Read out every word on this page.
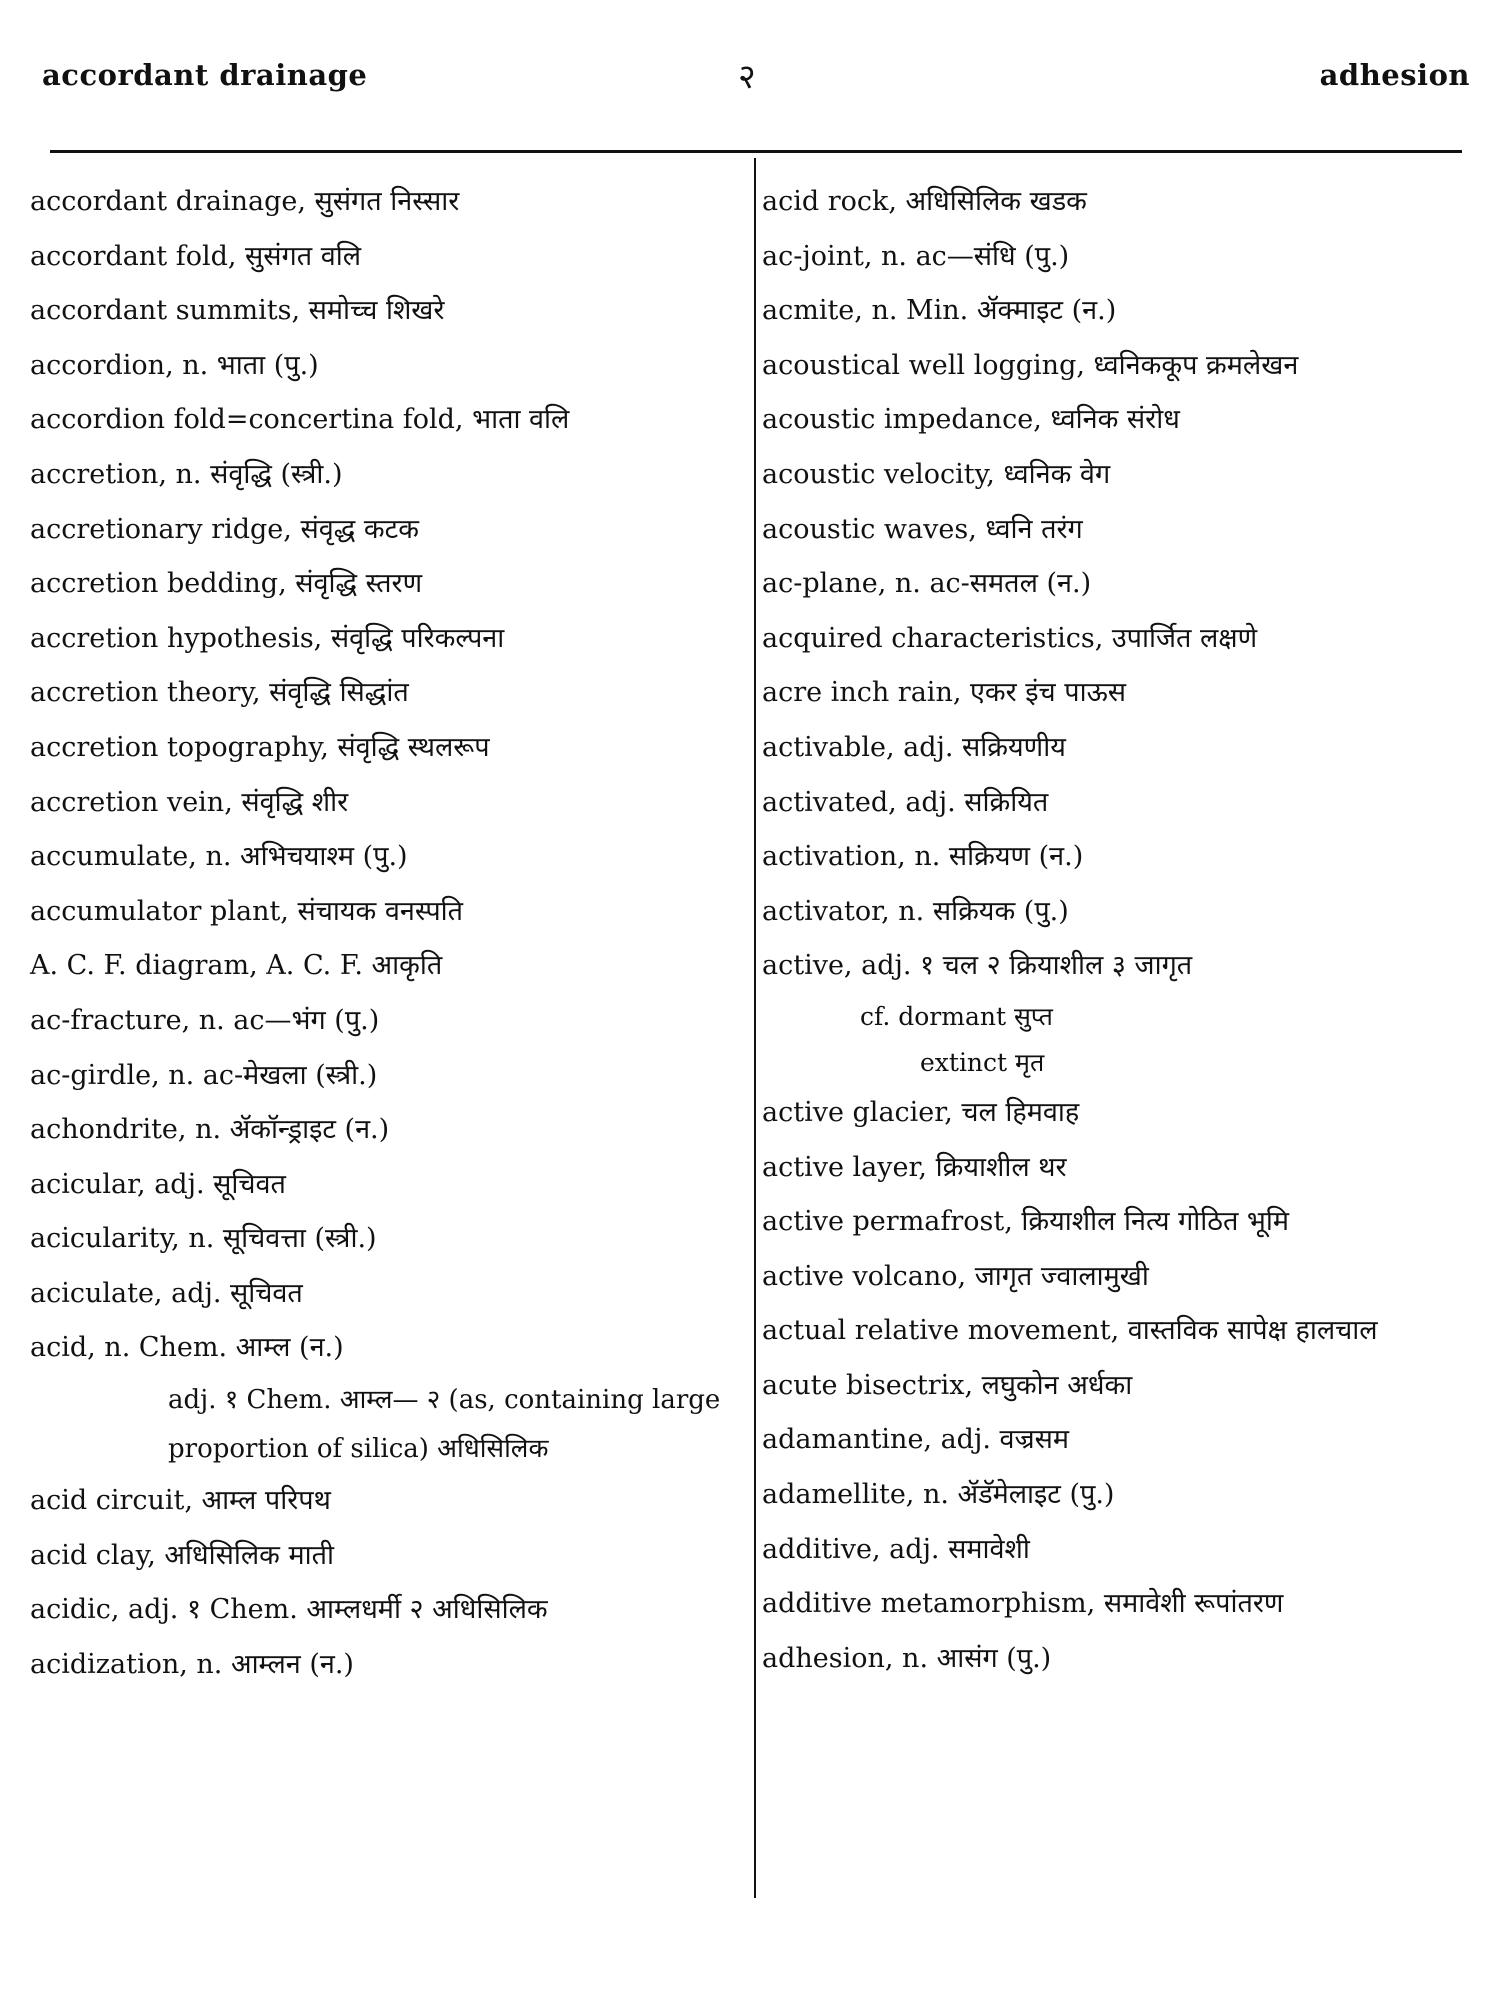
accordant drainage	२	adhesion
accordant drainage, सुसंगत निस्सार
accordant fold, सुसंगत वलि
accordant summits, समोच्च शिखरे
accordion, n. भाता (पु.)
accordion fold=concertina fold, भाता वलि
accretion, n. संवृद्धि (स्त्री.)
accretionary ridge, संवृद्ध कटक
accretion bedding, संवृद्धि स्तरण
accretion hypothesis, संवृद्धि परिकल्पना
accretion theory, संवृद्धि सिद्धांत
accretion topography, संवृद्धि स्थलरूप
accretion vein, संवृद्धि शीर
accumulate, n. अभिचयाश्म (पु.)
accumulator plant, संचायक वनस्पति
A. C. F. diagram, A. C. F. आकृति
ac-fracture, n. ac—भंग (पु.)
ac-girdle, n. ac-मेखला (स्त्री.)
achondrite, n. ॲकॉन्ड्राइट (न.)
acicular, adj. सूचिवत
acicularity, n. सूचिवत्ता (स्त्री.)
aciculate, adj. सूचिवत
acid, n. Chem. आम्ल (न.)
adj. १ Chem. आम्ल— २ (as, containing large proportion of silica) अधिसिलिक
acid circuit, आम्ल परिपथ
acid clay, अधिसिलिक माती
acidic, adj. १ Chem. आम्लधर्मी २ अधिसिलिक
acidization, n. आम्लन (न.)
acid rock, अधिसिलिक खडक
ac-joint, n. ac—संधि (पु.)
acmite, n. Min. ॲक्माइट (न.)
acoustical well logging, ध्वनिककूप क्रमलेखन
acoustic impedance, ध्वनिक संरोध
acoustic velocity, ध्वनिक वेग
acoustic waves, ध्वनि तरंग
ac-plane, n. ac-समतल (न.)
acquired characteristics, उपार्जित लक्षणे
acre inch rain, एकर इंच पाऊस
activable, adj. सक्रियणीय
activated, adj. सक्रियित
activation, n. सक्रियण (न.)
activator, n. सक्रियक (पु.)
active, adj. १ चल २ क्रियाशील ३ जागृत
cf. dormant सुप्त
extinct मृत
active glacier, चल हिमवाह
active layer, क्रियाशील थर
active permafrost, क्रियाशील नित्य गोठित भूमि
active volcano, जागृत ज्वालामुखी
actual relative movement, वास्तविक सापेक्ष हालचाल
acute bisectrix, लघुकोन अर्धका
adamantine, adj. वज्रसम
adamellite, n. ॲडॅमेलाइट (पु.)
additive, adj. समावेशी
additive metamorphism, समावेशी रूपांतरण
adhesion, n. आसंग (पु.)
